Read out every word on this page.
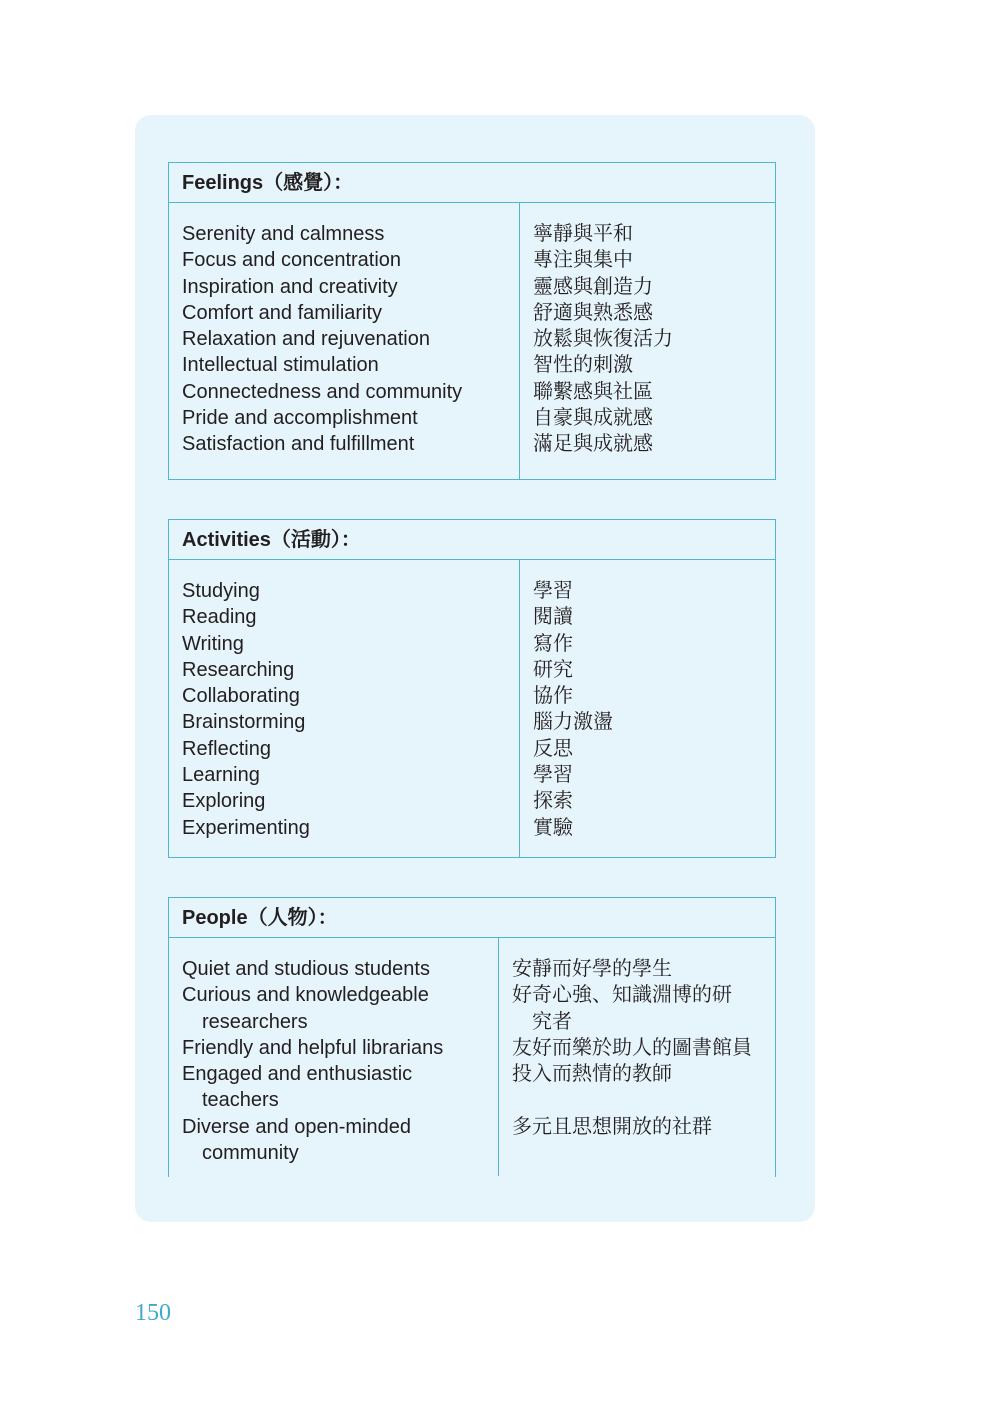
Feelings（感覺）：
Serenity and calmness
Focus and concentration
Inspiration and creativity
Comfort and familiarity
Relaxation and rejuvenation
Intellectual stimulation
Connectedness and community
Pride and accomplishment
Satisfaction and fulfillment
寧靜與平和
專注與集中
靈感與創造力
舒適與熟悉感
放鬆與恢復活力
智性的刺激
聯繫感與社區
自豪與成就感
滿足與成就感
Activities（活動）：
Studying
Reading
Writing
Researching
Collaborating
Brainstorming
Reflecting
Learning
Exploring
Experimenting
學習
閱讀
寫作
研究
協作
腦力激盪
反思
學習
探索
實驗
People（人物）：
Quiet and studious students
Curious and knowledgeable
researchers
Friendly and helpful librarians
Engaged and enthusiastic
teachers
Diverse and open-minded
community
安靜而好學的學生
好奇心強、知識淵博的研
究者
友好而樂於助人的圖書館員
投入而熱情的教師
多元且思想開放的社群
150
